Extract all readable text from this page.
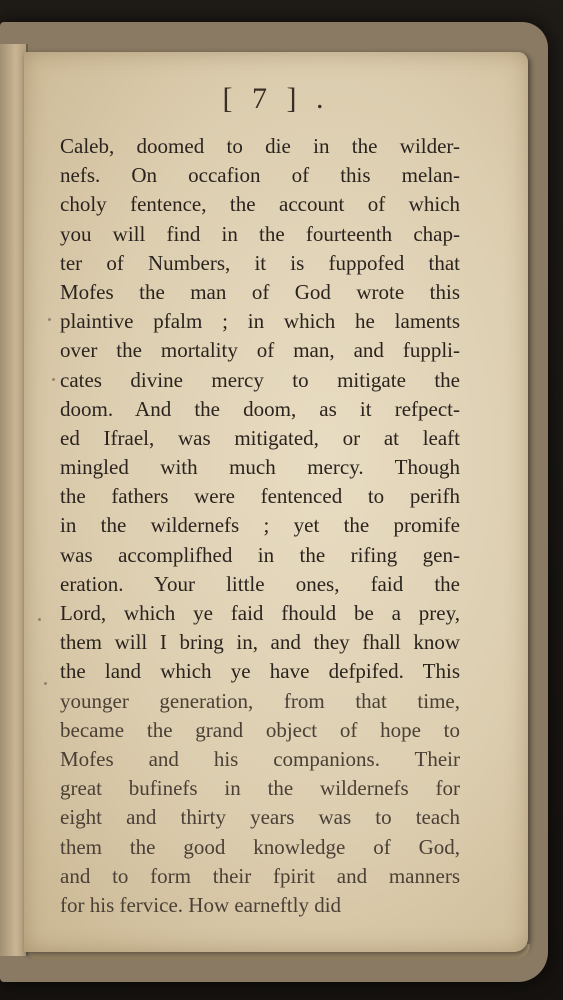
[ 7 ] .
Caleb, doomed to die in the wilder-
nefs. On occafion of this melan-
choly fentence, the account of which
you will find in the fourteenth chap-
ter of Numbers, it is fuppofed that
Mofes the man of God wrote this
plaintive pfalm ; in which he laments
over the mortality of man, and fuppli-
cates divine mercy to mitigate the
doom. And the doom, as it refpect-
ed Ifrael, was mitigated, or at leaft
mingled with much mercy. Though
the fathers were fentenced to perifh
in the wildernefs ; yet the promife
was accomplifhed in the rifing gen-
eration. Your little ones, faid the
Lord, which ye faid fhould be a prey,
them will I bring in, and they fhall know
the land which ye have defpifed. This
younger generation, from that time,
became the grand object of hope to
Mofes and his companions. Their
great bufinefs in the wildernefs for
eight and thirty years was to teach
them the good knowledge of God,
and to form their fpirit and manners
for his fervice. How earneftly did
